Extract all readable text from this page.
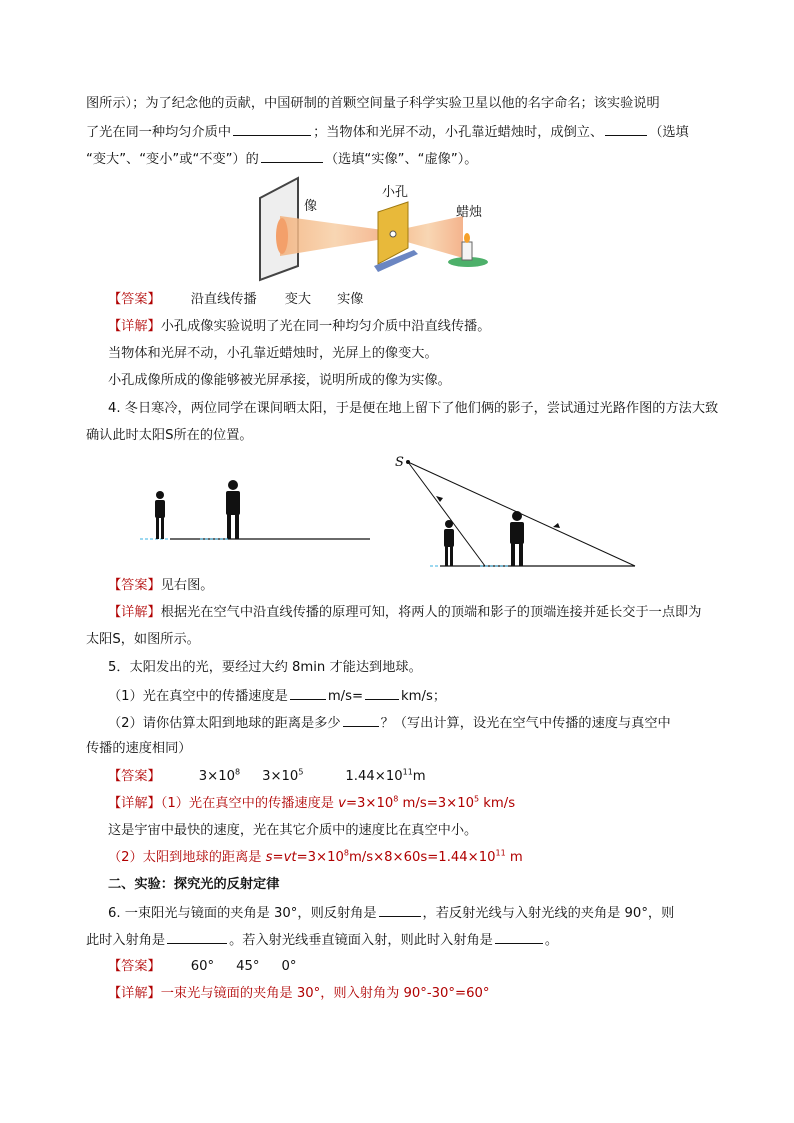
图所示）；为了纪念他的贡献，中国研制的首颗空间量子科学实验卫星以他的名字命名；该实验说明
了光在同一种均匀介质中	；当物体和光屏不动，小孔靠近蜡烛时，成倒立、	（选填
“变大”、“变小”或“不变”）的	（选填“实像”、“虚像”）。
像
小孔
蜡烛
【答案】 沿直线传播 变大 实像
【详解】小孔成像实验说明了光在同一种均匀介质中沿直线传播。
当物体和光屏不动，小孔靠近蜡烛时，光屏上的像变大。
小孔成像所成的像能够被光屏承接，说明所成的像为实像。
4. 冬日寒冷，两位同学在课间晒太阳，于是便在地上留下了他们俩的影子，尝试通过光路作图的方法大致
确认此时太阳S所在的位置。
S
【答案】见右图。
【详解】根据光在空气中沿直线传播的原理可知，将两人的顶端和影子的顶端连接并延长交于一点即为
太阳S，如图所示。
5．太阳发出的光，要经过大约 8min 才能达到地球。
（1）光在真空中的传播速度是	m/s=	km/s；
（2）请你估算太阳到地球的距离是多少	？（写出计算，设光在空气中传播的速度与真空中
传播的速度相同）
【答案】	$3\times 10^8$ $3\times 10^5$	$1.44\times 10^{11}m$
【详解】（1）光在真空中的传播速度是 $v=3\times 10^8$ $m/s=3\times 10^5$ km/s
这是宇宙中最快的速度，光在其它介质中的速度比在真空中小。
（2）太阳到地球的距离是 $s=vt=3\times 10^8m/s\times 8\times 60s=1.44\times 10^{11}$ m
二、实验：探究光的反射定律
6. 一束阳光与镜面的夹角是 30°，则反射角是	，若反射光线与入射光线的夹角是 90°，则
此时入射角是	。若入射光线垂直镜面入射，则此时入射角是	。
【答案】 60° 45° 0°
【详解】一束光与镜面的夹角是 30°，则入射角为 90°-30°=60°
